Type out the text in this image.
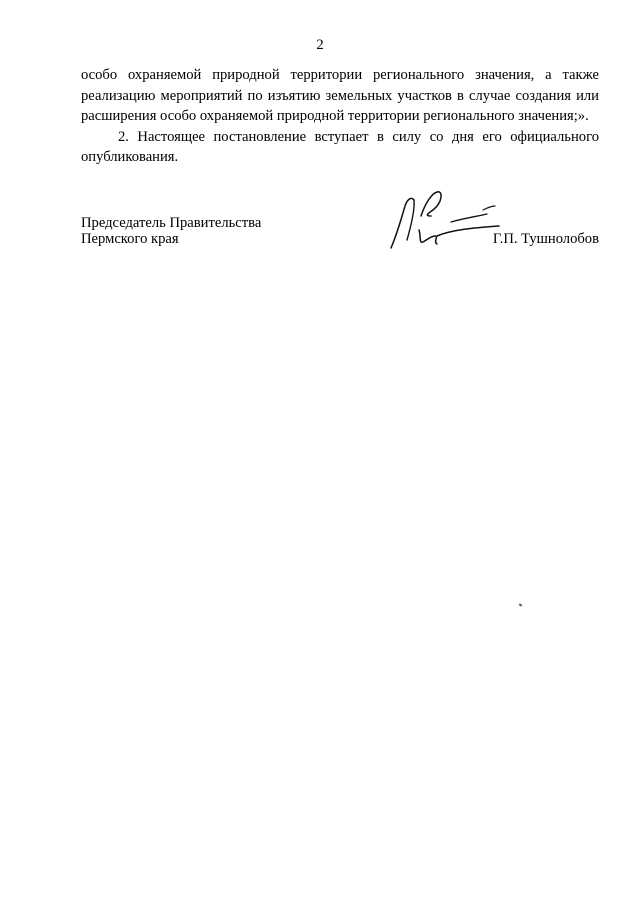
2

особо охраняемой природной территории регионального значения, а также реализацию мероприятий по изъятию земельных участков в случае создания или расширения особо охраняемой природной территории регионального значения;».

2. Настоящее постановление вступает в силу со дня его официального опубликования.

Председатель Правительства
Пермского края	Г.П. Тушнолобов
